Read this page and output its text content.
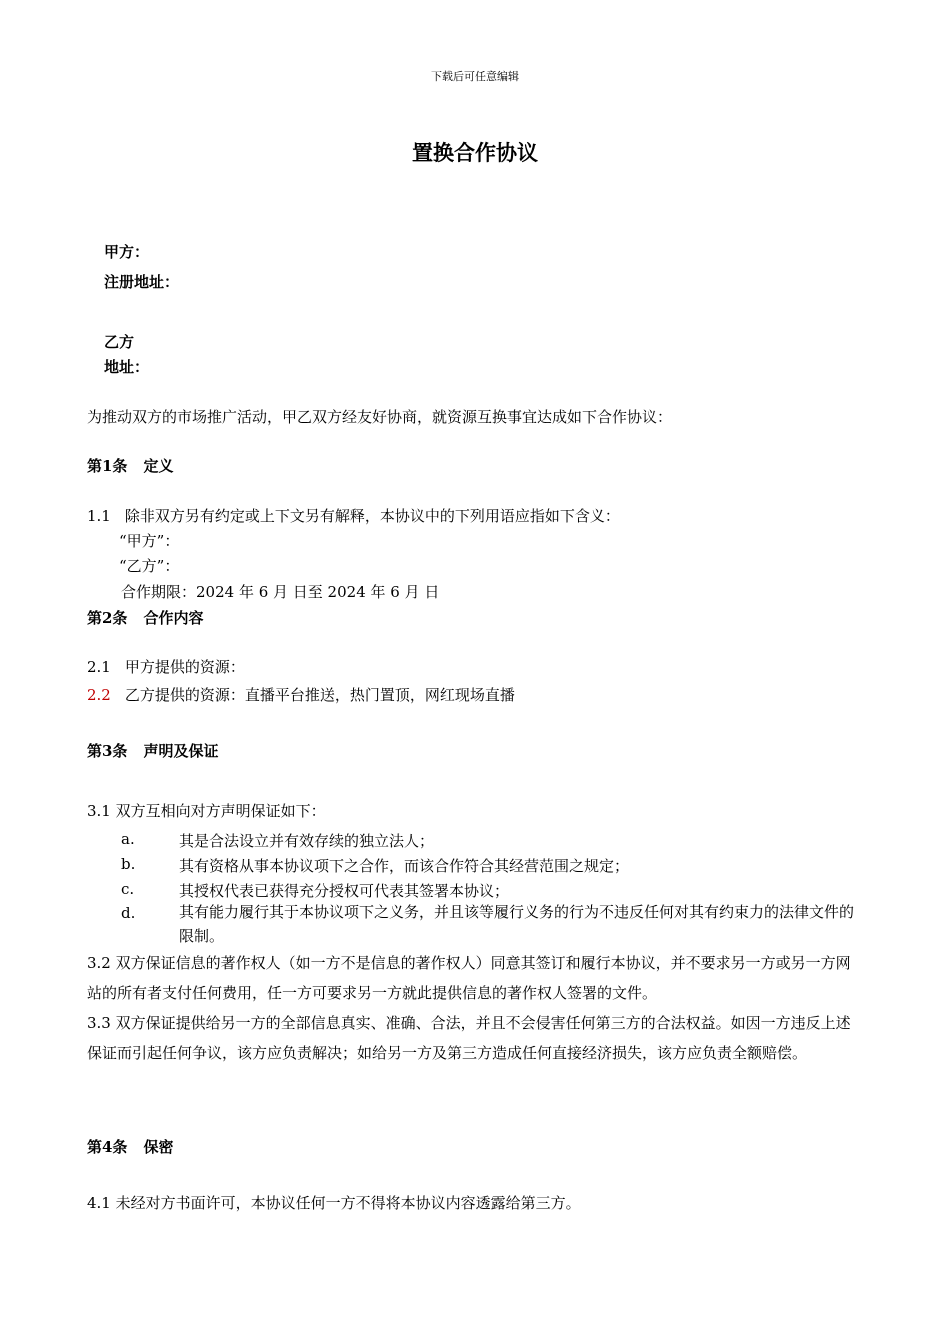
下载后可任意编辑
置换合作协议
甲方：
注册地址：
乙方
地址：
为推动双方的市场推广活动，甲乙双方经友好协商，就资源互换事宜达成如下合作协议：
第1条 定义
1.1 除非双方另有约定或上下文另有解释，本协议中的下列用语应指如下含义：
“甲方”：
“乙方”：
合作期限：2024 年 6 月 日至 2024 年 6 月 日
第2条 合作内容
2.1 甲方提供的资源：
2.2 乙方提供的资源：直播平台推送，热门置顶，网红现场直播
第3条 声明及保证
3.1 双方互相向对方声明保证如下：
a.	其是合法设立并有效存续的独立法人；
b.	其有资格从事本协议项下之合作，而该合作符合其经营范围之规定；
c.	其授权代表已获得充分授权可代表其签署本协议；
d.	其有能力履行其于本协议项下之义务，并且该等履行义务的行为不违反任何对其有约束力的法律文件的限制。
3.2 双方保证信息的著作权人（如一方不是信息的著作权人）同意其签订和履行本协议，并不要求另一方或另一方网站的所有者支付任何费用，任一方可要求另一方就此提供信息的著作权人签署的文件。
3.3 双方保证提供给另一方的全部信息真实、准确、合法，并且不会侵害任何第三方的合法权益。如因一方违反上述保证而引起任何争议，该方应负责解决；如给另一方及第三方造成任何直接经济损失，该方应负责全额赔偿。
第4条 保密
4.1 未经对方书面许可，本协议任何一方不得将本协议内容透露给第三方。
